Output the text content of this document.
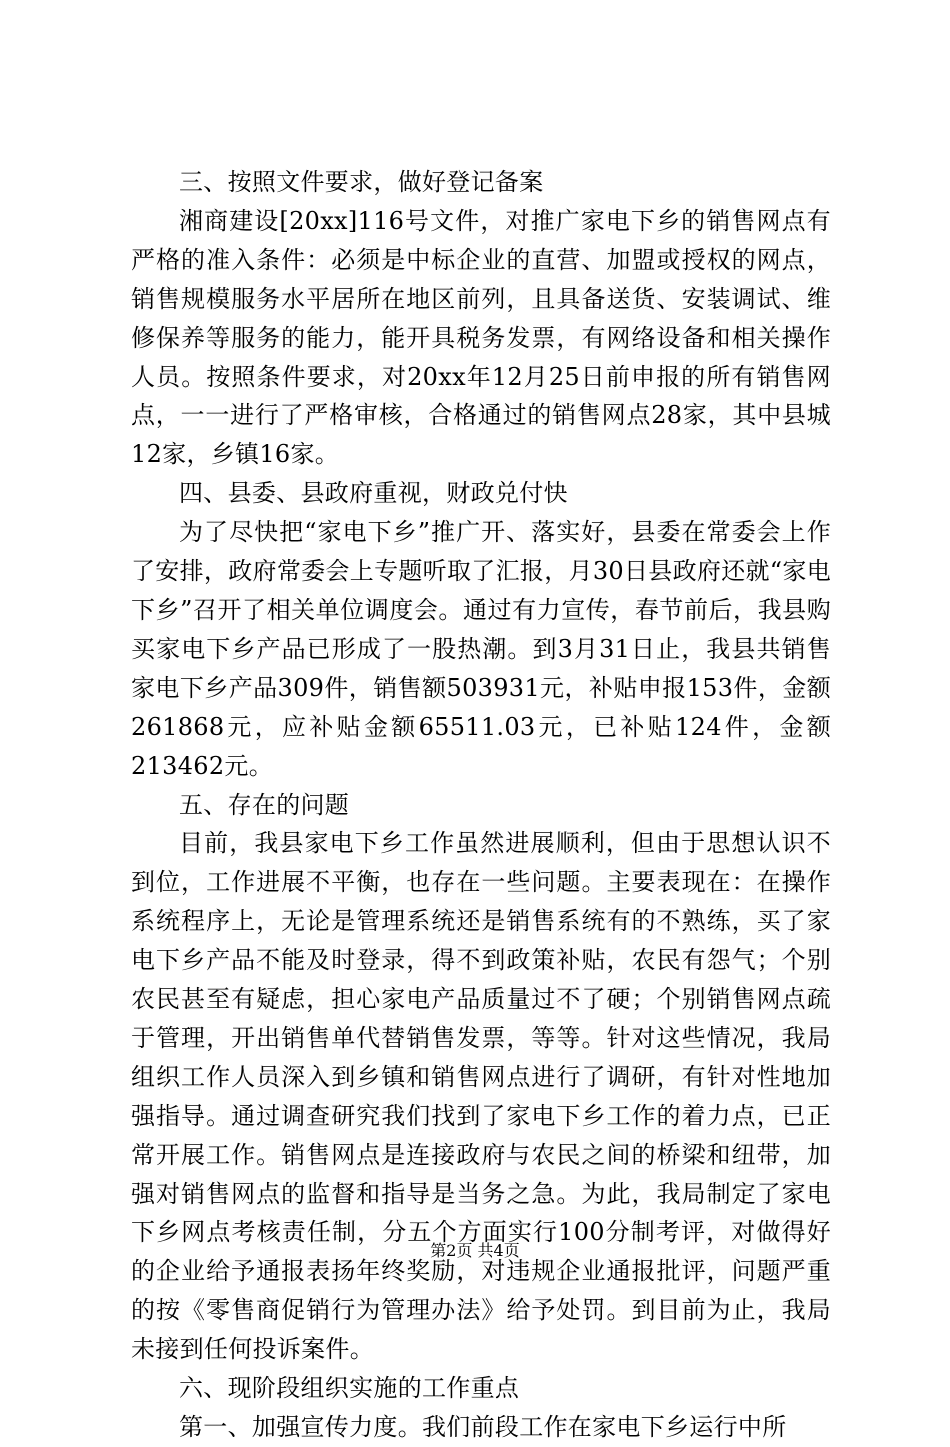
三、按照文件要求，做好登记备案

湘商建设[20xx]116号文件，对推广家电下乡的销售网点有严格的准入条件：必须是中标企业的直营、加盟或授权的网点，销售规模服务水平居所在地区前列，且具备送货、安装调试、维修保养等服务的能力，能开具税务发票，有网络设备和相关操作人员。按照条件要求，对20xx年12月25日前申报的所有销售网点，一一进行了严格审核，合格通过的销售网点28家，其中县城12家，乡镇16家。

四、县委、县政府重视，财政兑付快

为了尽快把“家电下乡”推广开、落实好，县委在常委会上作了安排，政府常委会上专题听取了汇报，月30日县政府还就“家电下乡”召开了相关单位调度会。通过有力宣传，春节前后，我县购买家电下乡产品已形成了一股热潮。到3月31日止，我县共销售家电下乡产品309件，销售额503931元，补贴申报153件，金额261868元，应补贴金额65511.03元，已补贴124件，金额213462元。

五、存在的问题

目前，我县家电下乡工作虽然进展顺利，但由于思想认识不到位，工作进展不平衡，也存在一些问题。主要表现在：在操作系统程序上，无论是管理系统还是销售系统有的不熟练，买了家电下乡产品不能及时登录，得不到政策补贴，农民有怨气；个别农民甚至有疑虑，担心家电产品质量过不了硬；个别销售网点疏于管理，开出销售单代替销售发票，等等。针对这些情况，我局组织工作人员深入到乡镇和销售网点进行了调研，有针对性地加强指导。通过调查研究我们找到了家电下乡工作的着力点，已正常开展工作。销售网点是连接政府与农民之间的桥梁和纽带，加强对销售网点的监督和指导是当务之急。为此，我局制定了家电下乡网点考核责任制，分五个方面实行100分制考评，对做得好的企业给予通报表扬年终奖励，对违规企业通报批评，问题严重的按《零售商促销行为管理办法》给予处罚。到目前为止，我局未接到任何投诉案件。

六、现阶段组织实施的工作重点

第一、加强宣传力度。我们前段工作在家电下乡运行中所

第2页 共4页
